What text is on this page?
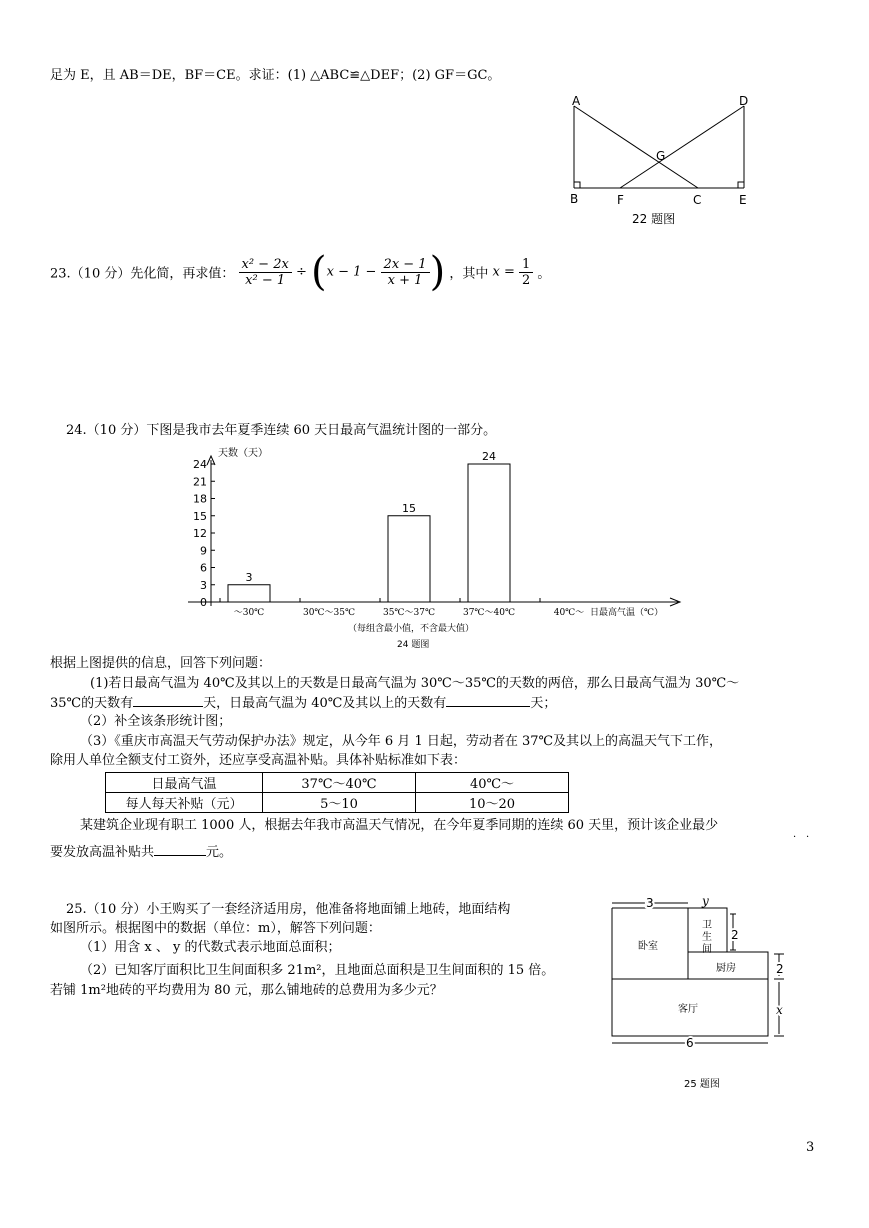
足为 E，且 AB＝DE，BF＝CE。求证：(1) △ABC≌△DEF；(2) GF＝GC。
A	D
G
B	F	C	E
22 题图
23.（10 分）先化简，再求值： $\frac{\text{x² − 2x}}{\text{x² − 1}} \div (x - 1 - \frac{2x - 1}{x + 1}$ ) ，其中 $x = \frac{1}{2}$ 。
24.（10 分）下图是我市去年夏季连续 60 天日最高气温统计图的一部分。
天数（天）
日最高气温（℃）
（每组含最小值，不含最大值）
24 题图
0
3
6
9
12
15
18
21
24
～30℃
3
30℃～35℃	35℃～37℃
15
37℃～40℃
24
40℃～
根据上图提供的信息，回答下列问题：
(1)若日最高气温为 40℃及其以上的天数是日最高气温为 30℃～35℃的天数的两倍，那么日最高气温为 30℃～
35℃的天数有	天，日最高气温为 40℃及其以上的天数有	天；
（2）补全该条形统计图；
（3）《重庆市高温天气劳动保护办法》规定，从今年 6 月 1 日起，劳动者在 37℃及其以上的高温天气下工作，
除用人单位全额支付工资外，还应享受高温补贴。具体补贴标准如下表：
日最高气温	37℃～40℃	40℃～
每人每天补贴（元）	5～10	10～20
某建筑企业现有职工 1000 人，根据去年我市高温天气情况，在今年夏季同期的连续 60 天里，预计该企业最少
· ·
要发放高温补贴共	元。
25.（10 分）小王购买了一套经济适用房，他准备将地面铺上地砖，地面结构
如图所示。根据图中的数据（单位：m），解答下列问题：
（1）用含 x 、 y 的代数式表示地面总面积；
（2）已知客厅面积比卫生间面积多 21m²，且地面总面积是卫生间面积的 15 倍。
若铺 1m²地砖的平均费用为 80 元，那么铺地砖的总费用为多少元？
3	y
2
2
x
6
卧室
卫
生
间
厨房
客厅
25 题图
3
